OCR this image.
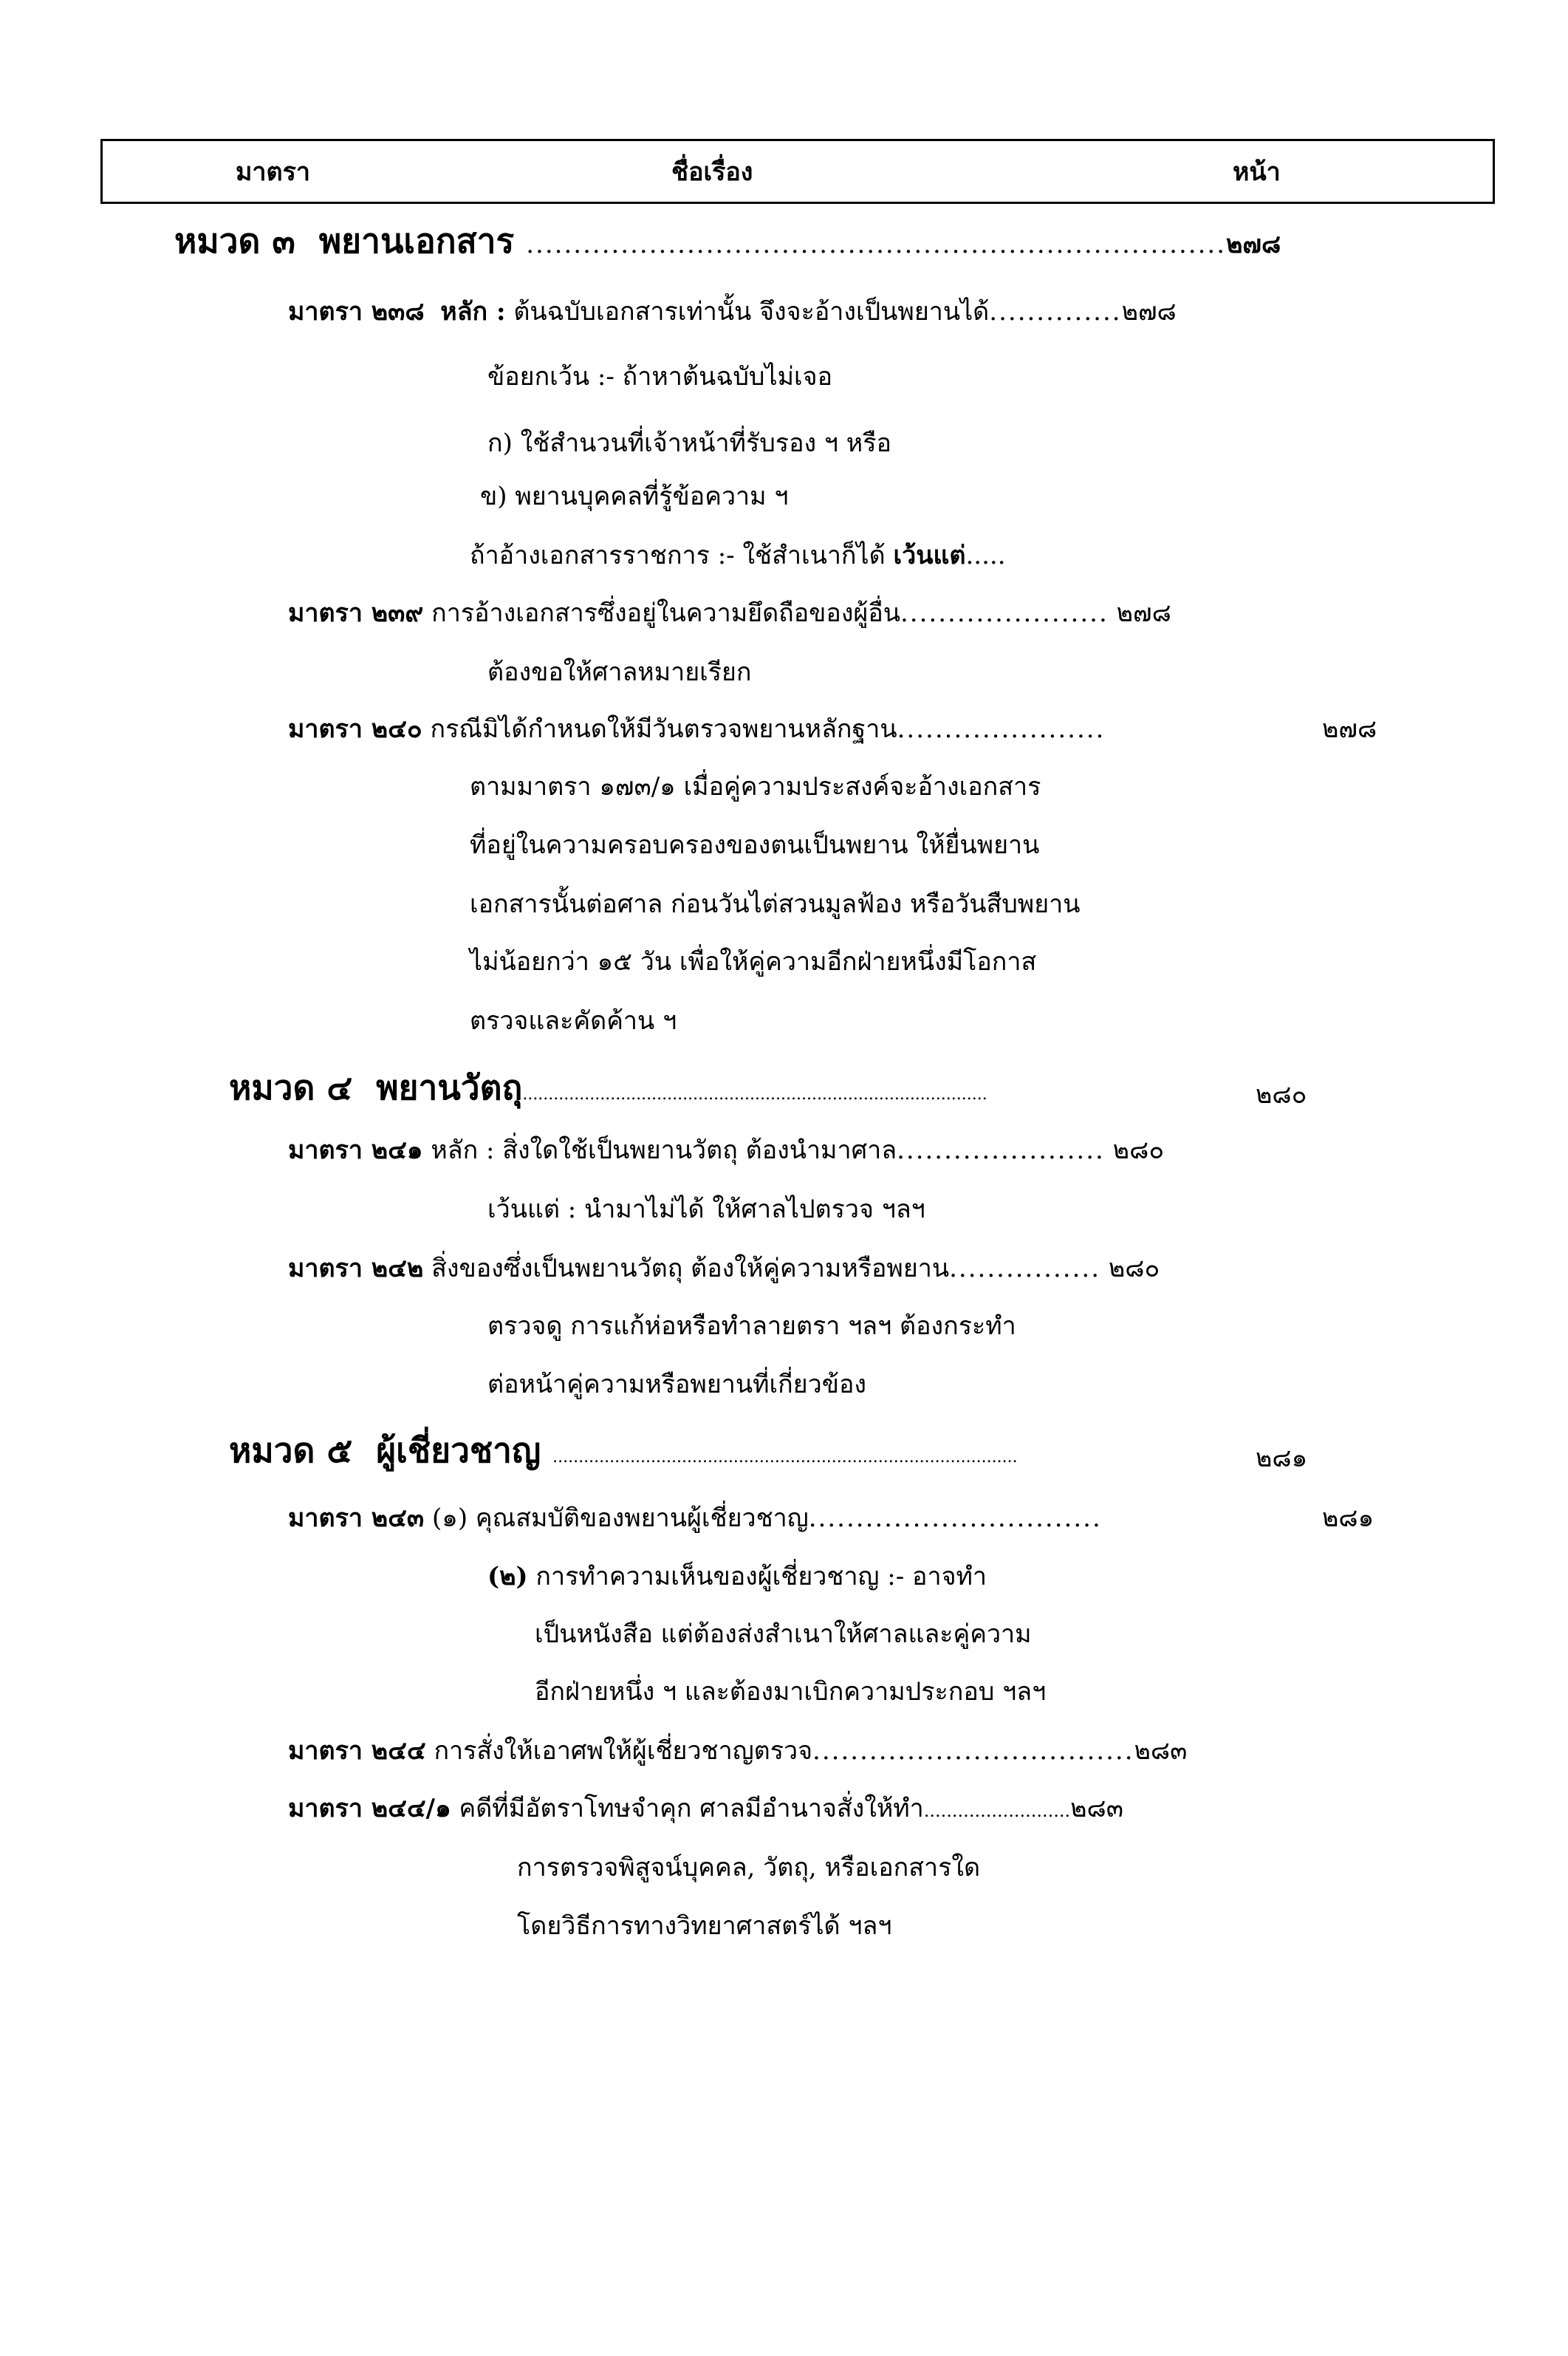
มาตรา	ชื่อเรื่อง	หน้า
หมวด ๓ พยานเอกสาร ..........................................................................๒๗๘
มาตรา ๒๓๘ หลัก : ต้นฉบับเอกสารเท่านั้น จึงจะอ้างเป็นพยานได้..............๒๗๘
ข้อยกเว้น :- ถ้าหาต้นฉบับไม่เจอ
ก) ใช้สำนวนที่เจ้าหน้าที่รับรอง ฯ หรือ
ข) พยานบุคคลที่รู้ข้อความ ฯ
ถ้าอ้างเอกสารราชการ :- ใช้สำเนาก็ได้ เว้นแต่.....
มาตรา ๒๓๙ การอ้างเอกสารซึ่งอยู่ในความยึดถือของผู้อื่น...................... ๒๗๘
ต้องขอให้ศาลหมายเรียก
มาตรา ๒๔๐ กรณีมิได้กำหนดให้มีวันตรวจพยานหลักฐาน......................	๒๗๘
ตามมาตรา ๑๗๓/๑ เมื่อคู่ความประสงค์จะอ้างเอกสาร
ที่อยู่ในความครอบครองของตนเป็นพยาน ให้ยื่นพยาน
เอกสารนั้นต่อศาล ก่อนวันไต่สวนมูลฟ้อง หรือวันสืบพยาน
ไม่น้อยกว่า ๑๕ วัน เพื่อให้คู่ความอีกฝ่ายหนึ่งมีโอกาส
ตรวจและคัดค้าน ฯ
หมวด ๔ พยานวัตถุ..........................................................................................	๒๘๐
มาตรา ๒๔๑ หลัก : สิ่งใดใช้เป็นพยานวัตถุ ต้องนำมาศาล...................... ๒๘๐
เว้นแต่ : นำมาไม่ได้ ให้ศาลไปตรวจ ฯลฯ
มาตรา ๒๔๒ สิ่งของซึ่งเป็นพยานวัตถุ ต้องให้คู่ความหรือพยาน................ ๒๘๐
ตรวจดู การแก้ห่อหรือทำลายตรา ฯลฯ ต้องกระทำ
ต่อหน้าคู่ความหรือพยานที่เกี่ยวข้อง
หมวด ๕ ผู้เชี่ยวชาญ ..........................................................................................	๒๘๑
มาตรา ๒๔๓ (๑) คุณสมบัติของพยานผู้เชี่ยวชาญ...............................	๒๘๑
(๒) การทำความเห็นของผู้เชี่ยวชาญ :- อาจทำ
เป็นหนังสือ แต่ต้องส่งสำเนาให้ศาลและคู่ความ
อีกฝ่ายหนึ่ง ฯ และต้องมาเบิกความประกอบ ฯลฯ
มาตรา ๒๔๔ การสั่งให้เอาศพให้ผู้เชี่ยวชาญตรวจ..................................๒๘๓
มาตรา ๒๔๔/๑ คดีที่มีอัตราโทษจำคุก ศาลมีอำนาจสั่งให้ทำ..........................๒๘๓
การตรวจพิสูจน์บุคคล, วัตถุ, หรือเอกสารใด
โดยวิธีการทางวิทยาศาสตร์ได้ ฯลฯ
